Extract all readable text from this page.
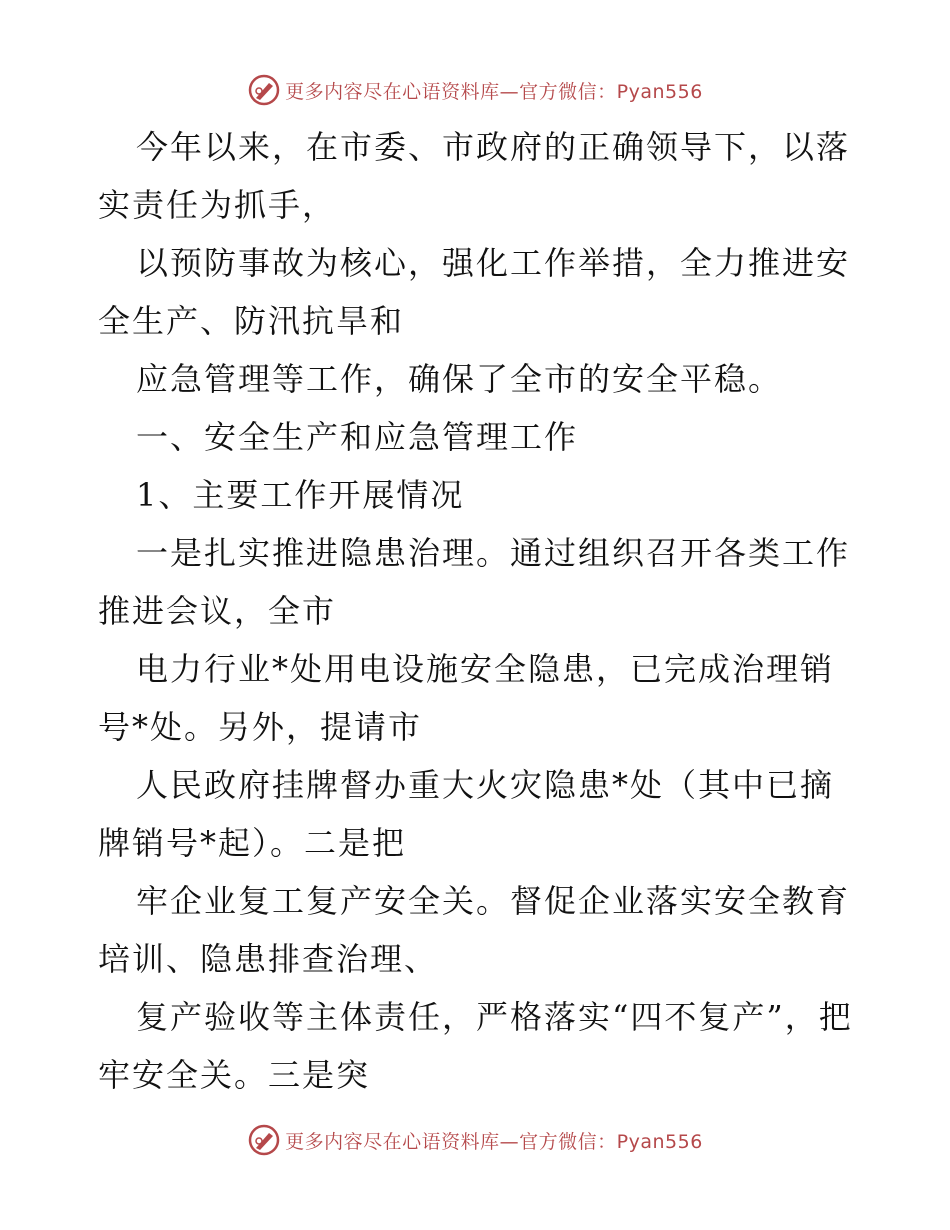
更多内容尽在心语资料库—官方微信：Pyan556

今年以来，在市委、市政府的正确领导下，以落实责任为抓手，

以预防事故为核心，强化工作举措，全力推进安全生产、防汛抗旱和

应急管理等工作，确保了全市的安全平稳。

一、安全生产和应急管理工作

1、主要工作开展情况

一是扎实推进隐患治理。通过组织召开各类工作推进会议，全市

电力行业*处用电设施安全隐患，已完成治理销号*处。另外，提请市

人民政府挂牌督办重大火灾隐患*处（其中已摘牌销号*起）。二是把

牢企业复工复产安全关。督促企业落实安全教育培训、隐患排查治理、

复产验收等主体责任，严格落实“四不复产”，把牢安全关。三是突

更多内容尽在心语资料库—官方微信：Pyan556
